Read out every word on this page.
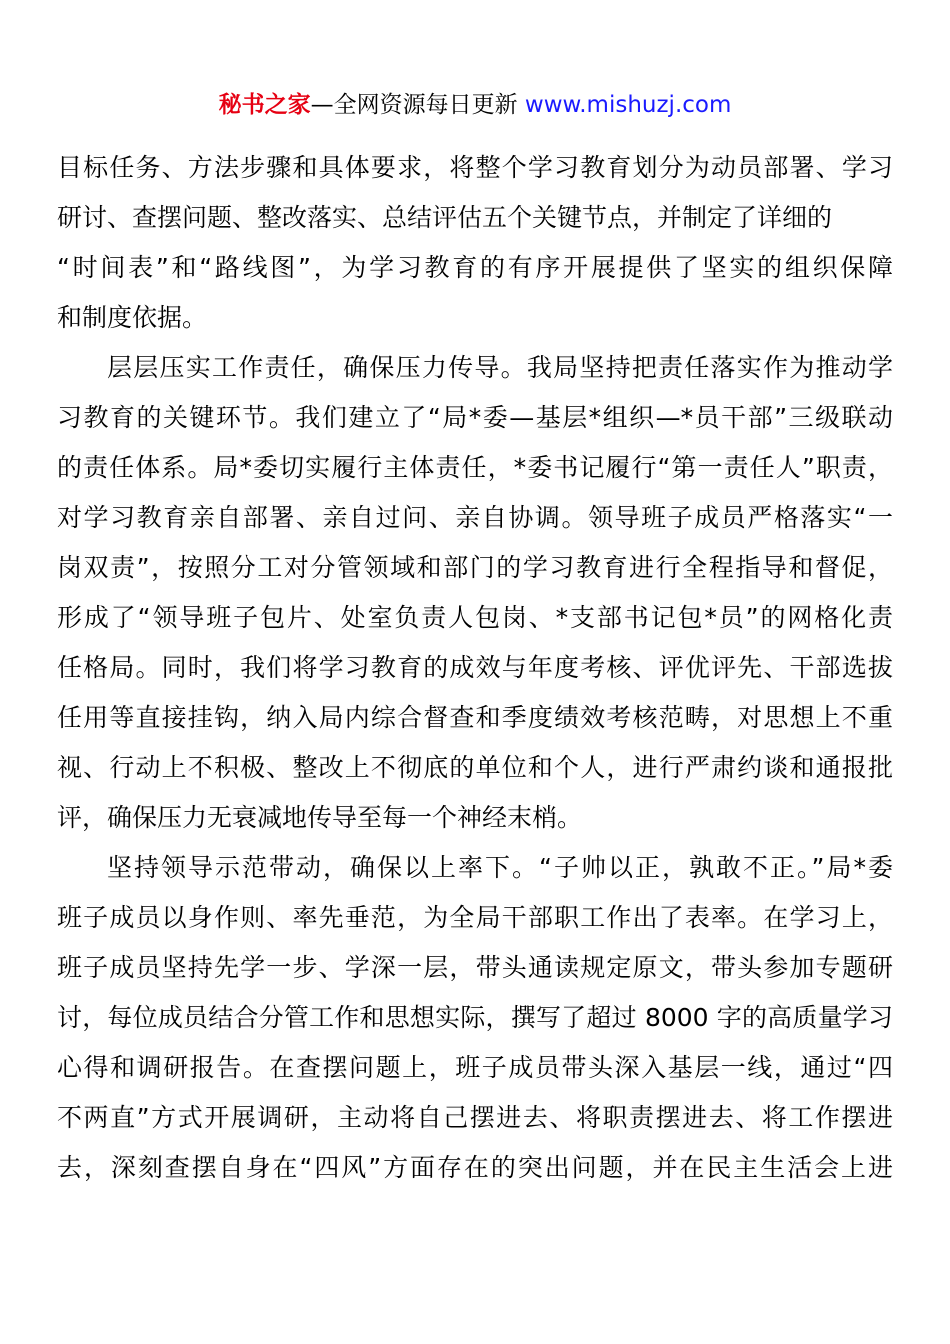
秘书之家—全网资源每日更新 www.mishuzj.com
目标任务、方法步骤和具体要求，将整个学习教育划分为动员部署、学习
研讨、查摆问题、整改落实、总结评估五个关键节点，并制定了详细的
“时间表”和“路线图”，为学习教育的有序开展提供了坚实的组织保障
和制度依据。
层层压实工作责任，确保压力传导。我局坚持把责任落实作为推动学
习教育的关键环节。我们建立了“局*委—基层*组织—*员干部”三级联动
的责任体系。局*委切实履行主体责任，*委书记履行“第一责任人”职责，
对学习教育亲自部署、亲自过问、亲自协调。领导班子成员严格落实“一
岗双责”，按照分工对分管领域和部门的学习教育进行全程指导和督促，
形成了“领导班子包片、处室负责人包岗、*支部书记包*员”的网格化责
任格局。同时，我们将学习教育的成效与年度考核、评优评先、干部选拔
任用等直接挂钩，纳入局内综合督查和季度绩效考核范畴，对思想上不重
视、行动上不积极、整改上不彻底的单位和个人，进行严肃约谈和通报批
评，确保压力无衰减地传导至每一个神经末梢。
坚持领导示范带动，确保以上率下。“子帅以正，孰敢不正。”局*委
班子成员以身作则、率先垂范，为全局干部职工作出了表率。在学习上，
班子成员坚持先学一步、学深一层，带头通读规定原文，带头参加专题研
讨，每位成员结合分管工作和思想实际，撰写了超过 8000 字的高质量学习
心得和调研报告。在查摆问题上，班子成员带头深入基层一线，通过“四
不两直”方式开展调研，主动将自己摆进去、将职责摆进去、将工作摆进
去，深刻查摆自身在“四风”方面存在的突出问题，并在民主生活会上进
